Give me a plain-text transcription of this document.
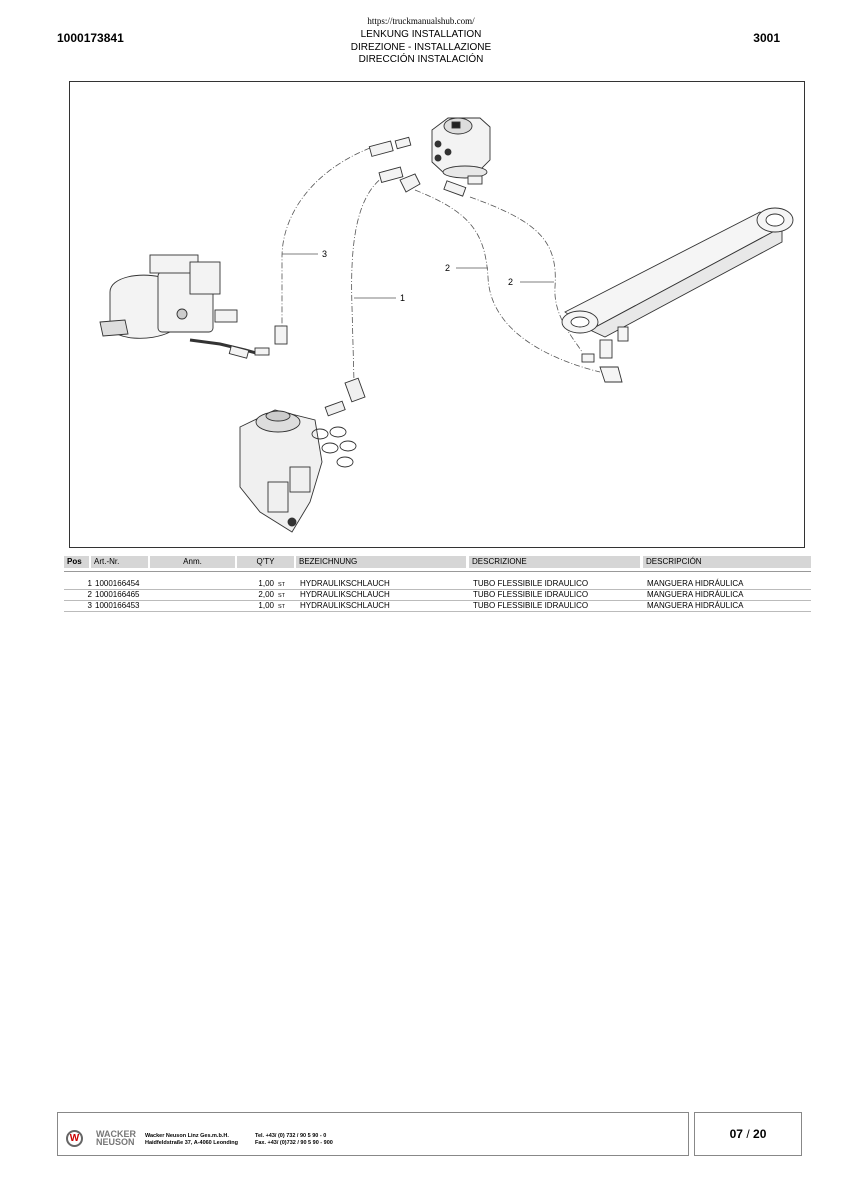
https://truckmanualshub.com/
1000173841	3001
LENKUNG INSTALLATION
DIREZIONE - INSTALLAZIONE
DIRECCIÓN INSTALACIÓN
3
1
2
2
Pos	Art.-Nr.	Anm.	Q'TY	BEZEICHNUNG	DESCRIZIONE	DESCRIPCIÓN
1 1000166454	1,00 ST HYDRAULIKSCHLAUCH	TUBO FLESSIBILE IDRAULICO	MANGUERA HIDRÁULICA
2 1000166465	2,00 ST HYDRAULIKSCHLAUCH	TUBO FLESSIBILE IDRAULICO	MANGUERA HIDRÁULICA
3 1000166453	1,00 ST HYDRAULIKSCHLAUCH	TUBO FLESSIBILE IDRAULICO	MANGUERA HIDRÁULICA
W	WACKER
NEUSON
Wacker Neuson Linz Ges.m.b.H.
Haidfeldstraße 37, A-4060 Leonding
Tel. +43/ (0) 732 / 90 5 90 - 0
Fax. +43/ (0)732 / 90 5 90 - 900
07 / 20
